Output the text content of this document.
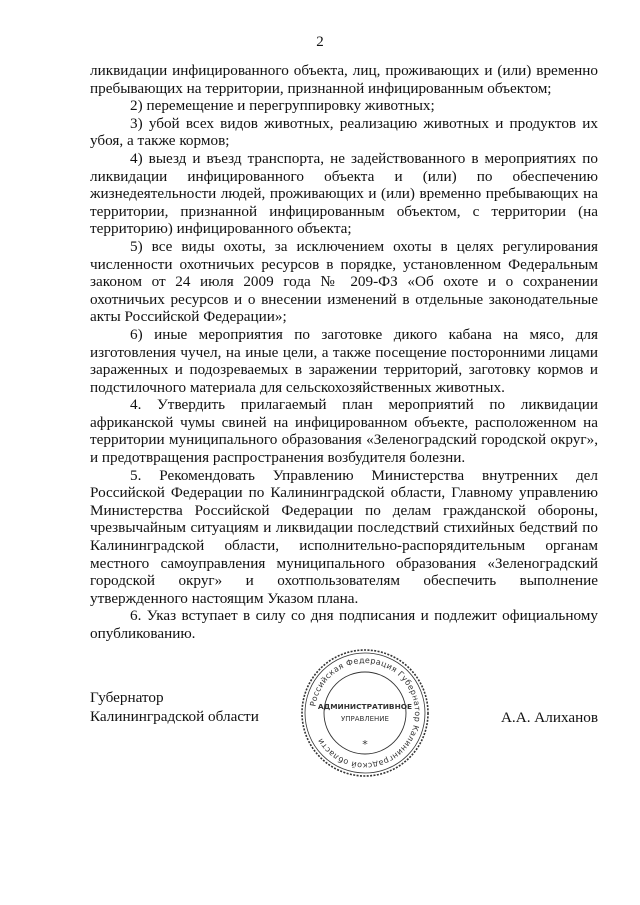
2

ликвидации инфицированного объекта, лиц, проживающих и (или) временно пребывающих на территории, признанной инфицированным объектом;

2) перемещение и перегруппировку животных;

3) убой всех видов животных, реализацию животных и продуктов их убоя, а также кормов;

4) выезд и въезд транспорта, не задействованного в мероприятиях по ликвидации инфицированного объекта и (или) по обеспечению жизнедеятельности людей, проживающих и (или) временно пребывающих на территории, признанной инфицированным объектом, с территории (на территорию) инфицированного объекта;

5) все виды охоты, за исключением охоты в целях регулирования численности охотничьих ресурсов в порядке, установленном Федеральным законом от 24 июля 2009 года № 209-ФЗ «Об охоте и о сохранении охотничьих ресурсов и о внесении изменений в отдельные законодательные акты Российской Федерации»;

6) иные мероприятия по заготовке дикого кабана на мясо, для изготовления чучел, на иные цели, а также посещение посторонними лицами зараженных и подозреваемых в заражении территорий, заготовку кормов и подстилочного материала для сельскохозяйственных животных.

4. Утвердить прилагаемый план мероприятий по ликвидации африканской чумы свиней на инфицированном объекте, расположенном на территории муниципального образования «Зеленоградский городской округ», и предотвращения распространения возбудителя болезни.

5. Рекомендовать Управлению Министерства внутренних дел Российской Федерации по Калининградской области, Главному управлению Министерства Российской Федерации по делам гражданской обороны, чрезвычайным ситуациям и ликвидации последствий стихийных бедствий по Калининградской области, исполнительно-распорядительным органам местного самоуправления муниципального образования «Зеленоградский городской округ» и охотпользователям обеспечить выполнение утвержденного настоящим Указом плана.

6. Указ вступает в силу со дня подписания и подлежит официальному опубликованию.

Российская Федерация Губернатор Калининградской области
АДМИНИСТРАТИВНОЕ
УПРАВЛЕНИЕ
*
Губернатор
Калининградской области	А.А. Алиханов
